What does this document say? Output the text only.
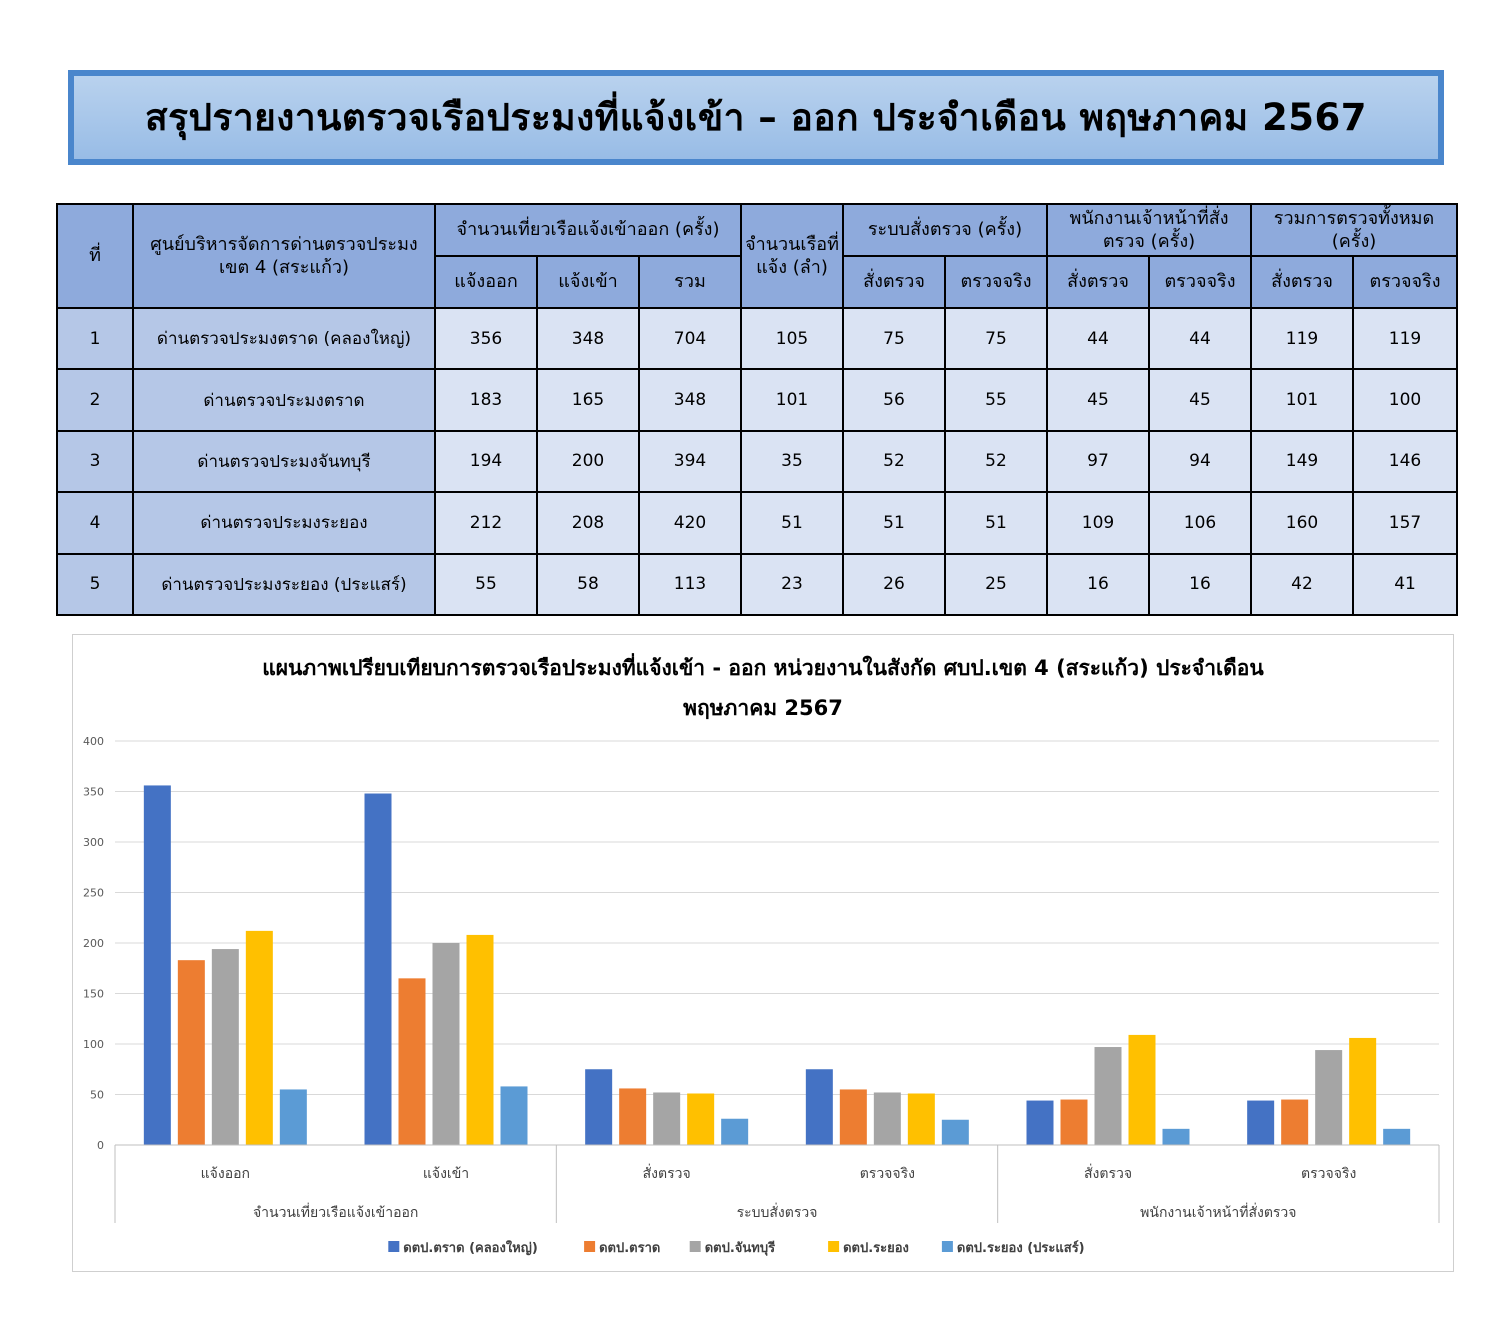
สรุปรายงานตรวจเรือประมงที่แจ้งเข้า – ออก ประจำเดือน พฤษภาคม 2567
ที่	ศูนย์บริหารจัดการด่านตรวจประมง เขต 4 (สระแก้ว)	จำนวนเที่ยวเรือแจ้งเข้าออก (ครั้ง)			จำนวนเรือที่แจ้ง (ลำ)	ระบบสั่งตรวจ (ครั้ง)		พนักงานเจ้าหน้าที่สั่งตรวจ (ครั้ง)		รวมการตรวจทั้งหมด (ครั้ง)	
		แจ้งออก	แจ้งเข้า	รวม		สั่งตรวจ	ตรวจจริง	สั่งตรวจ	ตรวจจริง	สั่งตรวจ	ตรวจจริง
1	ด่านตรวจประมงตราด (คลองใหญ่)	356	348	704	105	75	75	44	44	119	119
2	ด่านตรวจประมงตราด	183	165	348	101	56	55	45	45	101	100
3	ด่านตรวจประมงจันทบุรี	194	200	394	35	52	52	97	94	149	146
4	ด่านตรวจประมงระยอง	212	208	420	51	51	51	109	106	160	157
5	ด่านตรวจประมงระยอง (ประแสร์)	55	58	113	23	26	25	16	16	42	41
แผนภาพเปรียบเทียบการตรวจเรือประมงที่แจ้งเข้า - ออก หน่วยงานในสังกัด ศบป.เขต 4 (สระแก้ว) ประจำเดือน
พฤษภาคม 2567
0
50
100
150
200
250
300
350
400
แจ้งออก	แจ้งเข้า	สั่งตรวจ	ตรวจจริง	สั่งตรวจ	ตรวจจริง
จำนวนเที่ยวเรือแจ้งเข้าออก	ระบบสั่งตรวจ	พนักงานเจ้าหน้าที่สั่งตรวจ
ดตป.ตราด (คลองใหญ่)	ดตป.ตราด	ดตป.จันทบุรี	ดตป.ระยอง	ดตป.ระยอง (ประแสร์)
